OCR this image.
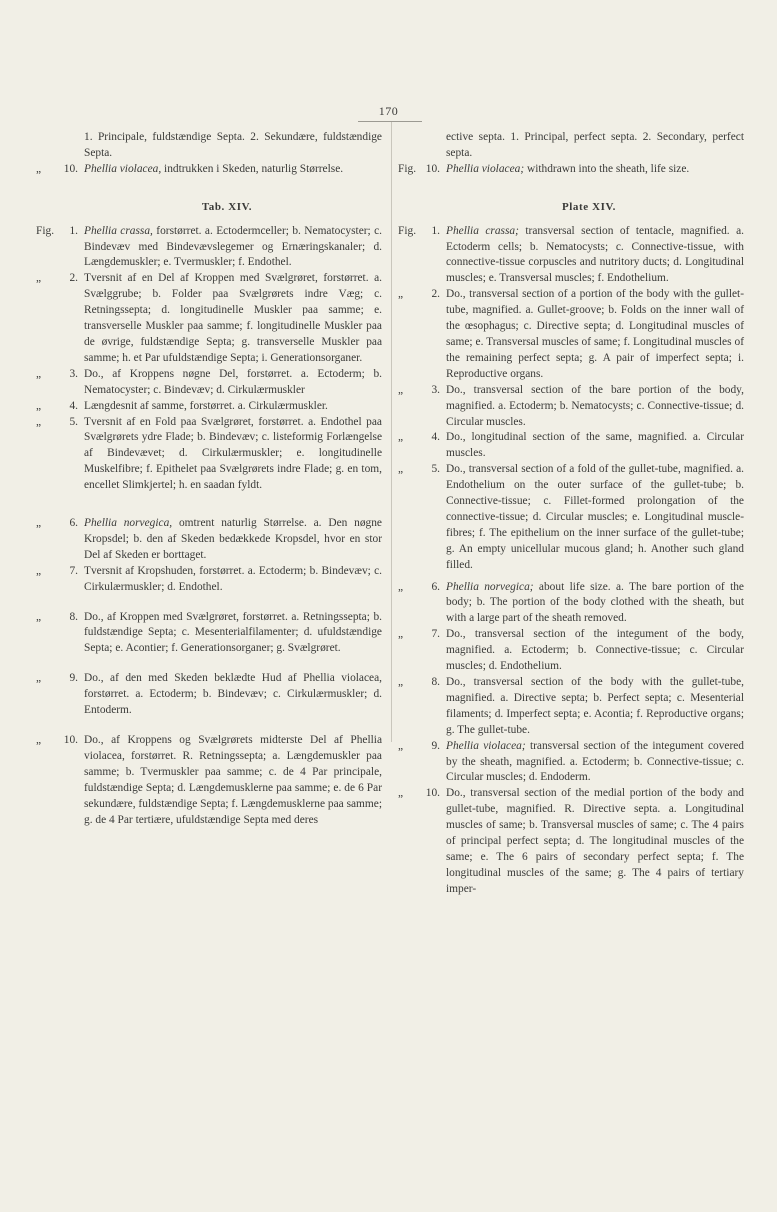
170
1. Principale, fuldstændige Septa. 2. Sekundære, fuldstændige Septa.
„ 10. Phellia violacea, indtrukken i Skeden, naturlig Størrelse.
Tab. XIV.
Fig. 1. Phellia crassa, forstørret. a. Ectodermceller; b. Nematocyster; c. Bindevæv med Bindevævslegemer og Ernæringskanaler; d. Længdemuskler; e. Tvermuskler; f. Endothel.
„ 2. Tversnit af en Del af Kroppen med Svælgrøret, forstørret. a. Svælggrube; b. Folder paa Svælgrørets indre Væg; c. Retningssepta; d. longitudinelle Muskler paa samme; e. transverselle Muskler paa samme; f. longitudinelle Muskler paa de øvrige, fuldstændige Septa; g. transverselle Muskler paa samme; h. et Par ufuldstændige Septa; i. Generationsorganer.
„ 3. Do., af Kroppens nøgne Del, forstørret. a. Ectoderm; b. Nematocyster; c. Bindevæv; d. Cirkulærmuskler
„ 4. Længdesnit af samme, forstørret. a. Cirkulærmuskler.
„ 5. Tversnit af en Fold paa Svælgrøret, forstørret. a. Endothel paa Svælgrørets ydre Flade; b. Bindevæv; c. listeformig Forlængelse af Bindevævet; d. Cirkulærmuskler; e. longitudinelle Muskelfibre; f. Epithelet paa Svælgrørets indre Flade; g. en tom, encellet Slimkjertel; h. en saadan fyldt.
„ 6. Phellia norvegica, omtrent naturlig Størrelse. a. Den nøgne Kropsdel; b. den af Skeden bedækkede Kropsdel, hvor en stor Del af Skeden er borttaget.
„ 7. Tversnit af Kropshuden, forstørret. a. Ectoderm; b. Bindevæv; c. Cirkulærmuskler; d. Endothel.
„ 8. Do., af Kroppen med Svælgrøret, forstørret. a. Retningssepta; b. fuldstændige Septa; c. Mesenterialfilamenter; d. ufuldstændige Septa; e. Acontier; f. Generationsorganer; g. Svælgrøret.
„ 9. Do., af den med Skeden beklædte Hud af Phellia violacea, forstørret. a. Ectoderm; b. Bindevæv; c. Cirkulærmuskler; d. Entoderm.
„ 10. Do., af Kroppens og Svælgrørets midterste Del af Phellia violacea, forstørret. R. Retningssepta; a. Længdemuskler paa samme; b. Tvermuskler paa samme; c. de 4 Par principale, fuldstændige Septa; d. Længdemusklerne paa samme; e. de 6 Par sekundære, fuldstændige Septa; f. Længdemusklerne paa samme; g. de 4 Par tertiære, ufuldstændige Septa med deres
ective septa. 1. Principal, perfect septa. 2. Secondary, perfect septa.
Fig. 10. Phellia violacea; withdrawn into the sheath, life size.
Plate XIV.
Fig. 1. Phellia crassa; transversal section of tentacle, magnified. a. Ectoderm cells; b. Nematocysts; c. Connective-tissue, with connective-tissue corpuscles and nutritory ducts; d. Longitudinal muscles; e. Transversal muscles; f. Endothelium.
„ 2. Do., transversal section of a portion of the body with the gullet-tube, magnified. a. Gullet-groove; b. Folds on the inner wall of the œsophagus; c. Directive septa; d. Longitudinal muscles of same; e. Transversal muscles of same; f. Longitudinal muscles of the remaining perfect septa; g. A pair of imperfect septa; i. Reproductive organs.
„ 3. Do., transversal section of the bare portion of the body, magnified. a. Ectoderm; b. Nematocysts; c. Connective-tissue; d. Circular muscles.
„ 4. Do., longitudinal section of the same, magnified. a. Circular muscles.
„ 5. Do., transversal section of a fold of the gullet-tube, magnified. a. Endothelium on the outer surface of the gullet-tube; b. Connective-tissue; c. Fillet-formed prolongation of the connective-tissue; d. Circular muscles; e. Longitudinal muscle-fibres; f. The epithelium on the inner surface of the gullet-tube; g. An empty unicellular mucous gland; h. Another such gland filled.
„ 6. Phellia norvegica; about life size. a. The bare portion of the body; b. The portion of the body clothed with the sheath, but with a large part of the sheath removed.
„ 7. Do., transversal section of the integument of the body, magnified. a. Ectoderm; b. Connective-tissue; c. Circular muscles; d. Endothelium.
„ 8. Do., transversal section of the body with the gullet-tube, magnified. a. Directive septa; b. Perfect septa; c. Mesenterial filaments; d. Imperfect septa; e. Acontia; f. Reproductive organs; g. The gullet-tube.
„ 9. Phellia violacea; transversal section of the integument covered by the sheath, magnified. a. Ectoderm; b. Connective-tissue; c. Circular muscles; d. Endoderm.
„ 10. Do., transversal section of the medial portion of the body and gullet-tube, magnified. R. Directive septa. a. Longitudinal muscles of same; b. Transversal muscles of same; c. The 4 pairs of principal perfect septa; d. The longitudinal muscles of the same; e. The 6 pairs of secondary perfect septa; f. The longitudinal muscles of the same; g. The 4 pairs of tertiary imper-
